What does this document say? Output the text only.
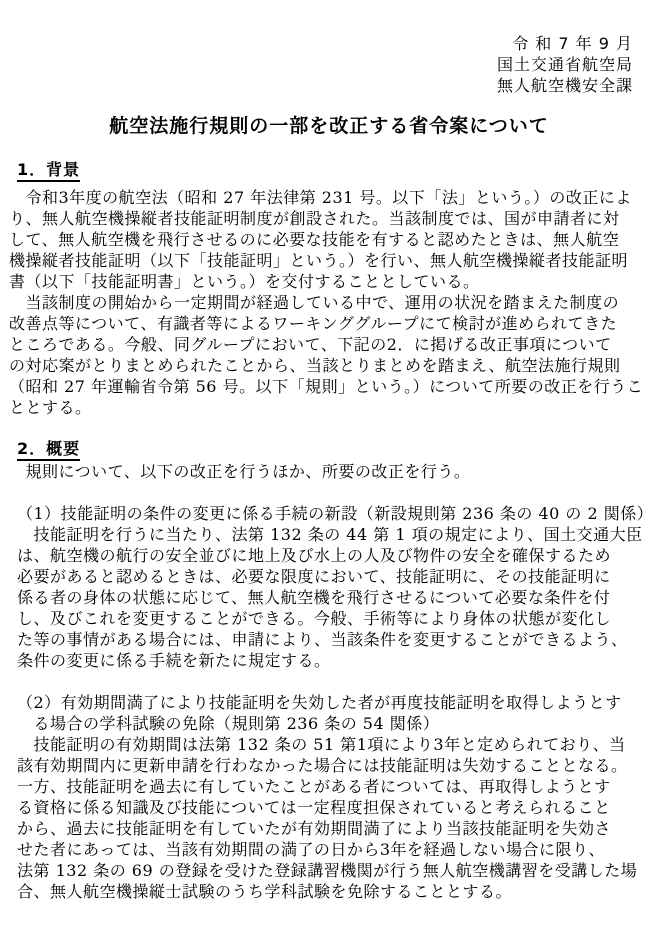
令 和 7 年 9 月
国土交通省航空局
無人航空機安全課
航空法施行規則の一部を改正する省令案について
1．背景
　令和3年度の航空法（昭和 27 年法律第 231 号。以下「法」という。）の改正によ
り、無人航空機操縦者技能証明制度が創設された。当該制度では、国が申請者に対
して、無人航空機を飛行させるのに必要な技能を有すると認めたときは、無人航空
機操縦者技能証明（以下「技能証明」という。）を行い、無人航空機操縦者技能証明
書（以下「技能証明書」という。）を交付することとしている。
　当該制度の開始から一定期間が経過している中で、運用の状況を踏まえた制度の
改善点等について、有識者等によるワーキンググループにて検討が進められてきた
ところである。今般、同グループにおいて、下記の2．に掲げる改正事項について
の対応案がとりまとめられたことから、当該とりまとめを踏まえ、航空法施行規則
（昭和 27 年運輸省令第 56 号。以下「規則」という。）について所要の改正を行うこ
ととする。
2．概要
　規則について、以下の改正を行うほか、所要の改正を行う。
（1）技能証明の条件の変更に係る手続の新設（新設規則第 236 条の 40 の 2 関係）
　技能証明を行うに当たり、法第 132 条の 44 第 1 項の規定により、国土交通大臣
は、航空機の航行の安全並びに地上及び水上の人及び物件の安全を確保するため
必要があると認めるときは、必要な限度において、技能証明に、その技能証明に
係る者の身体の状態に応じて、無人航空機を飛行させるについて必要な条件を付
し、及びこれを変更することができる。今般、手術等により身体の状態が変化し
た等の事情がある場合には、申請により、当該条件を変更することができるよう、
条件の変更に係る手続を新たに規定する。
（2）有効期間満了により技能証明を失効した者が再度技能証明を取得しようとす
　る場合の学科試験の免除（規則第 236 条の 54 関係）
　技能証明の有効期間は法第 132 条の 51 第1項により3年と定められており、当
該有効期間内に更新申請を行わなかった場合には技能証明は失効することとなる。
一方、技能証明を過去に有していたことがある者については、再取得しようとす
る資格に係る知識及び技能については一定程度担保されていると考えられること
から、過去に技能証明を有していたが有効期間満了により当該技能証明を失効さ
せた者にあっては、当該有効期間の満了の日から3年を経過しない場合に限り、
法第 132 条の 69 の登録を受けた登録講習機関が行う無人航空機講習を受講した場
合、無人航空機操縦士試験のうち学科試験を免除することとする。
